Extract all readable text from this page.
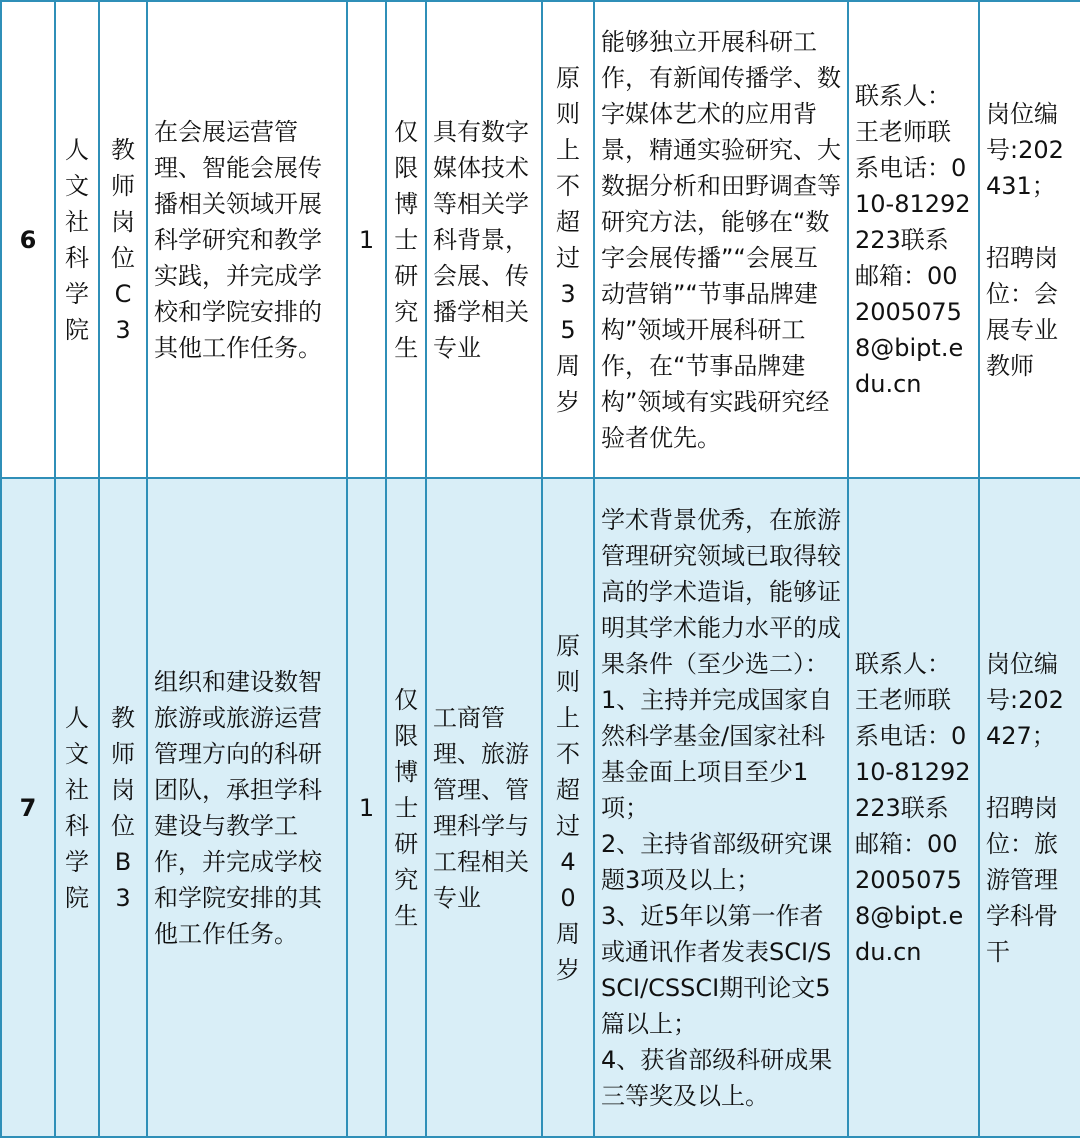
6	人文社科学院	教师岗位C3	在会展运营管理、智能会展传播相关领域开展科学研究和教学实践，并完成学校和学院安排的其他工作任务。	1	仅限博士研究生	具有数字媒体技术等相关学科背景，会展、传播学相关专业	原则上不超过35周岁	能够独立开展科研工作，有新闻传播学、数字媒体艺术的应用背景，精通实验研究、大数据分析和田野调查等研究方法，能够在“数字会展传播”“会展互动营销”“节事品牌建构”领域开展科研工作，在“节事品牌建构”领域有实践研究经验者优先。	联系人：王老师联系电话：010-81292223联系邮箱：0020050758@bipt.edu.cn	岗位编号:202431；
招聘岗位：会展专业教师
7	人文社科学院	教师岗位B3	组织和建设数智旅游或旅游运营管理方向的科研团队，承担学科建设与教学工作，并完成学校和学院安排的其他工作任务。	1	仅限博士研究生	工商管理、旅游管理、管理科学与工程相关专业	原则上不超过40周岁	学术背景优秀，在旅游管理研究领域已取得较高的学术造诣，能够证明其学术能力水平的成果条件（至少选二）：
1、主持并完成国家自然科学基金/国家社科基金面上项目至少1项；
2、主持省部级研究课题3项及以上；
3、近5年以第一作者或通讯作者发表SCI/SSCI/CSSCI期刊论文5篇以上；
4、获省部级科研成果三等奖及以上。	联系人：王老师联系电话：010-81292223联系邮箱：0020050758@bipt.edu.cn	岗位编号:202427；
招聘岗位：旅游管理学科骨干
